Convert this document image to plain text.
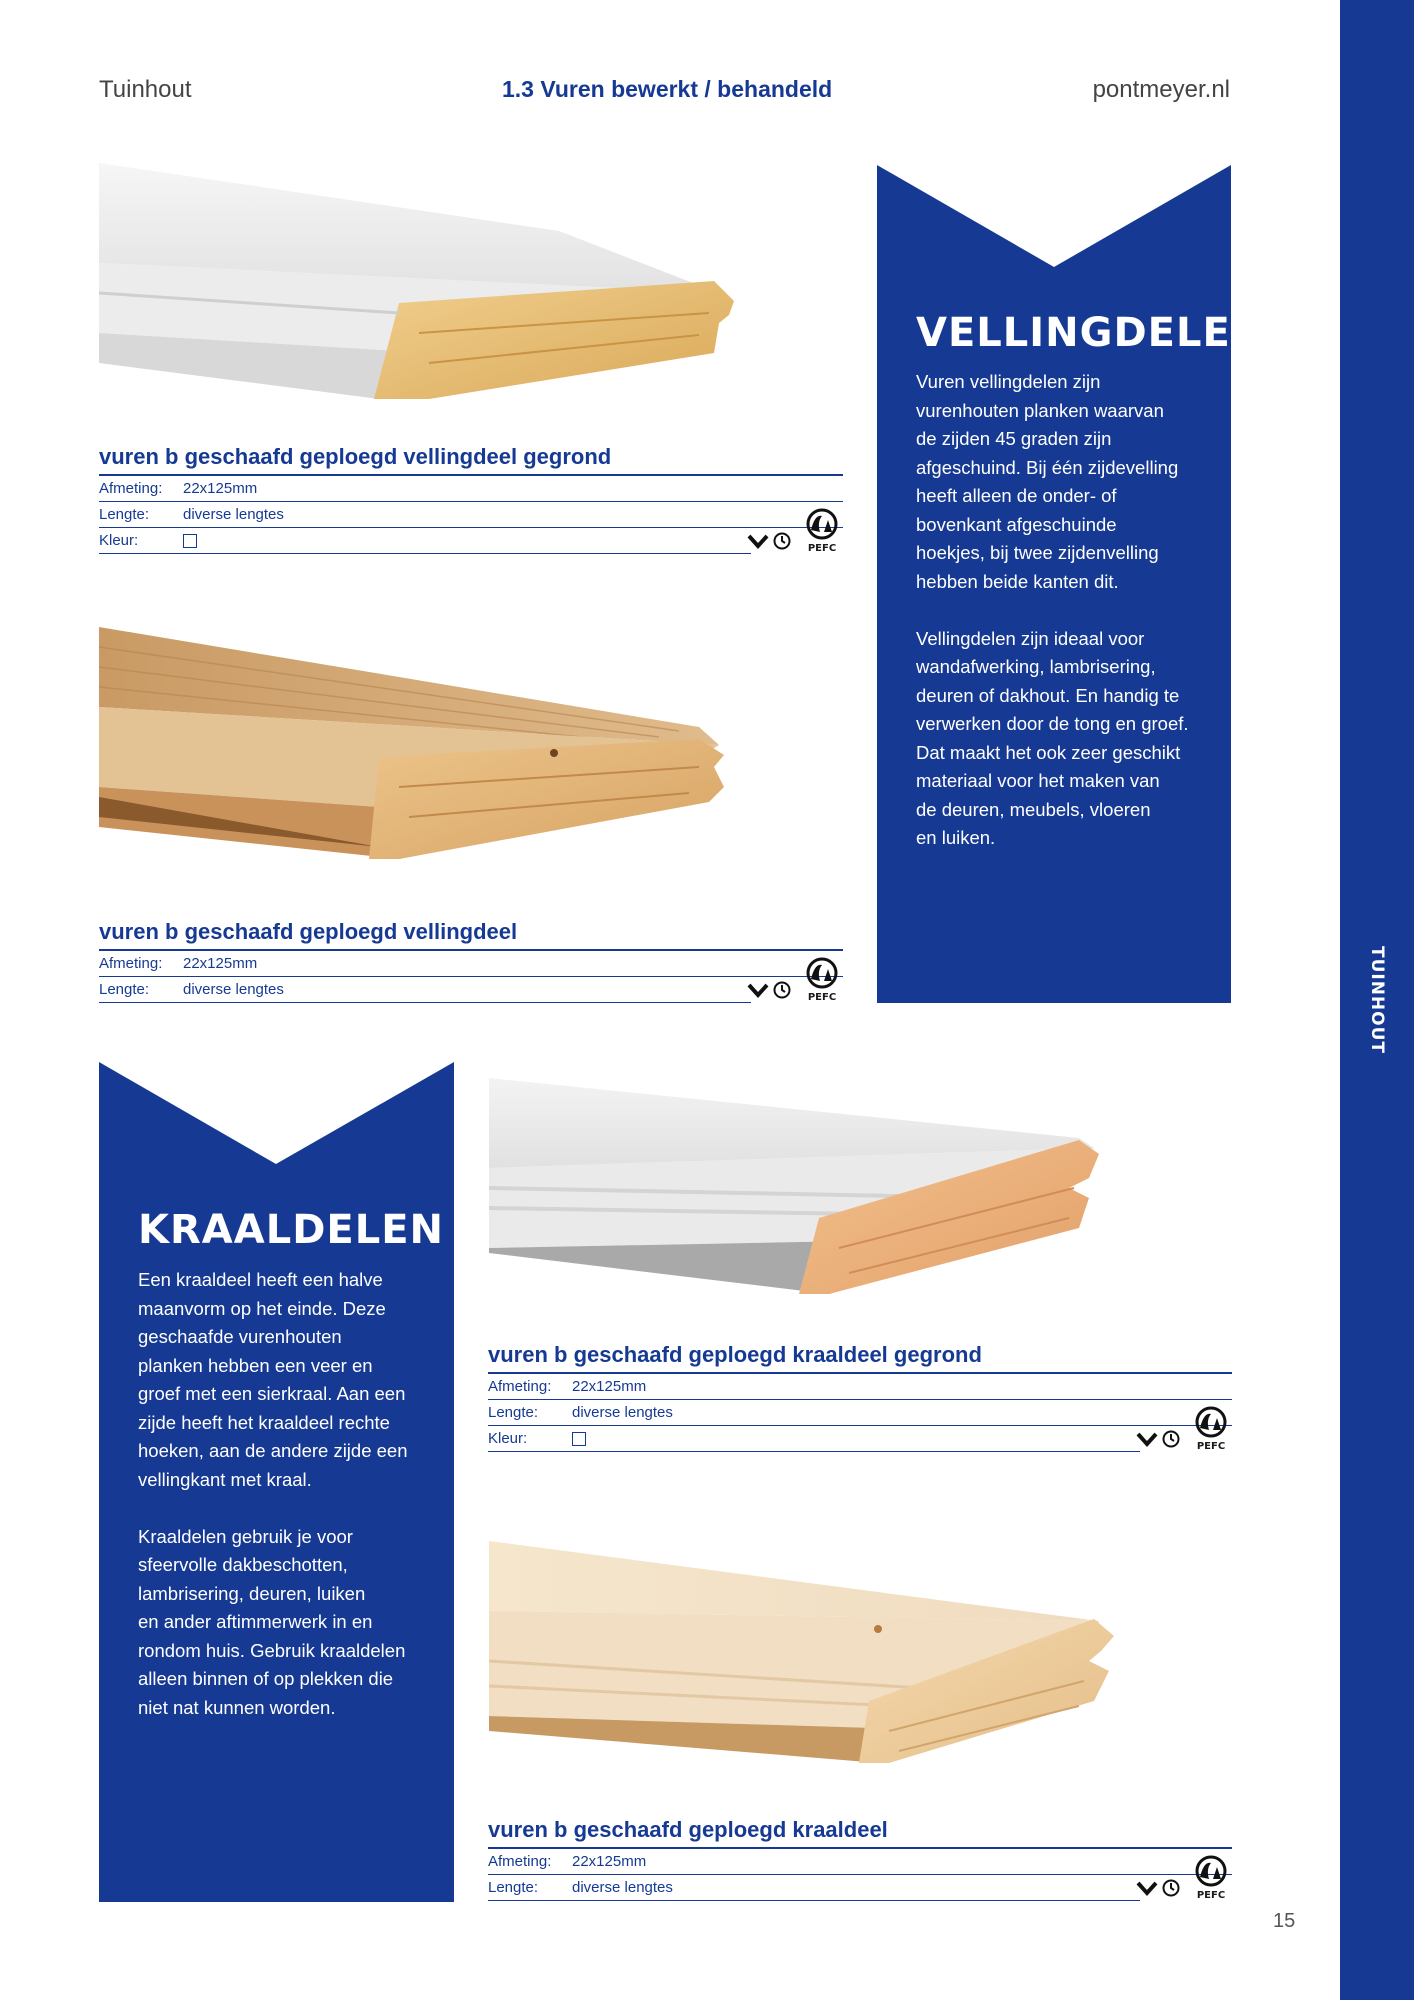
Tuinhout	1.3 Vuren bewerkt / behandeld	pontmeyer.nl
TUINHOUT
vuren b geschaafd geploegd vellingdeel gegrond
Afmeting:	22x125mm
Lengte:	diverse lengtes
Kleur:	PEFC
vuren b geschaafd geploegd vellingdeel
Afmeting:	22x125mm
Lengte:	diverse lengtes	PEFC
VELLINGDELEN
Vuren vellingdelen zijn
vurenhouten planken waarvan
de zijden 45 graden zijn
afgeschuind. Bij één zijdevelling
heeft alleen de onder- of
bovenkant afgeschuinde
hoekjes, bij twee zijdenvelling
hebben beide kanten dit.

Vellingdelen zijn ideaal voor
wandafwerking, lambrisering,
deuren of dakhout. En handig te
verwerken door de tong en groef.
Dat maakt het ook zeer geschikt
materiaal voor het maken van
de deuren, meubels, vloeren
en luiken.
KRAALDELEN
Een kraaldeel heeft een halve
maanvorm op het einde. Deze
geschaafde vurenhouten
planken hebben een veer en
groef met een sierkraal. Aan een
zijde heeft het kraaldeel rechte
hoeken, aan de andere zijde een
vellingkant met kraal.

Kraaldelen gebruik je voor
sfeervolle dakbeschotten,
lambrisering, deuren, luiken
en ander aftimmerwerk in en
rondom huis. Gebruik kraaldelen
alleen binnen of op plekken die
niet nat kunnen worden.
vuren b geschaafd geploegd kraaldeel gegrond
Afmeting:	22x125mm
Lengte:	diverse lengtes
Kleur:	PEFC
vuren b geschaafd geploegd kraaldeel
Afmeting:	22x125mm
Lengte:	diverse lengtes	PEFC
15
